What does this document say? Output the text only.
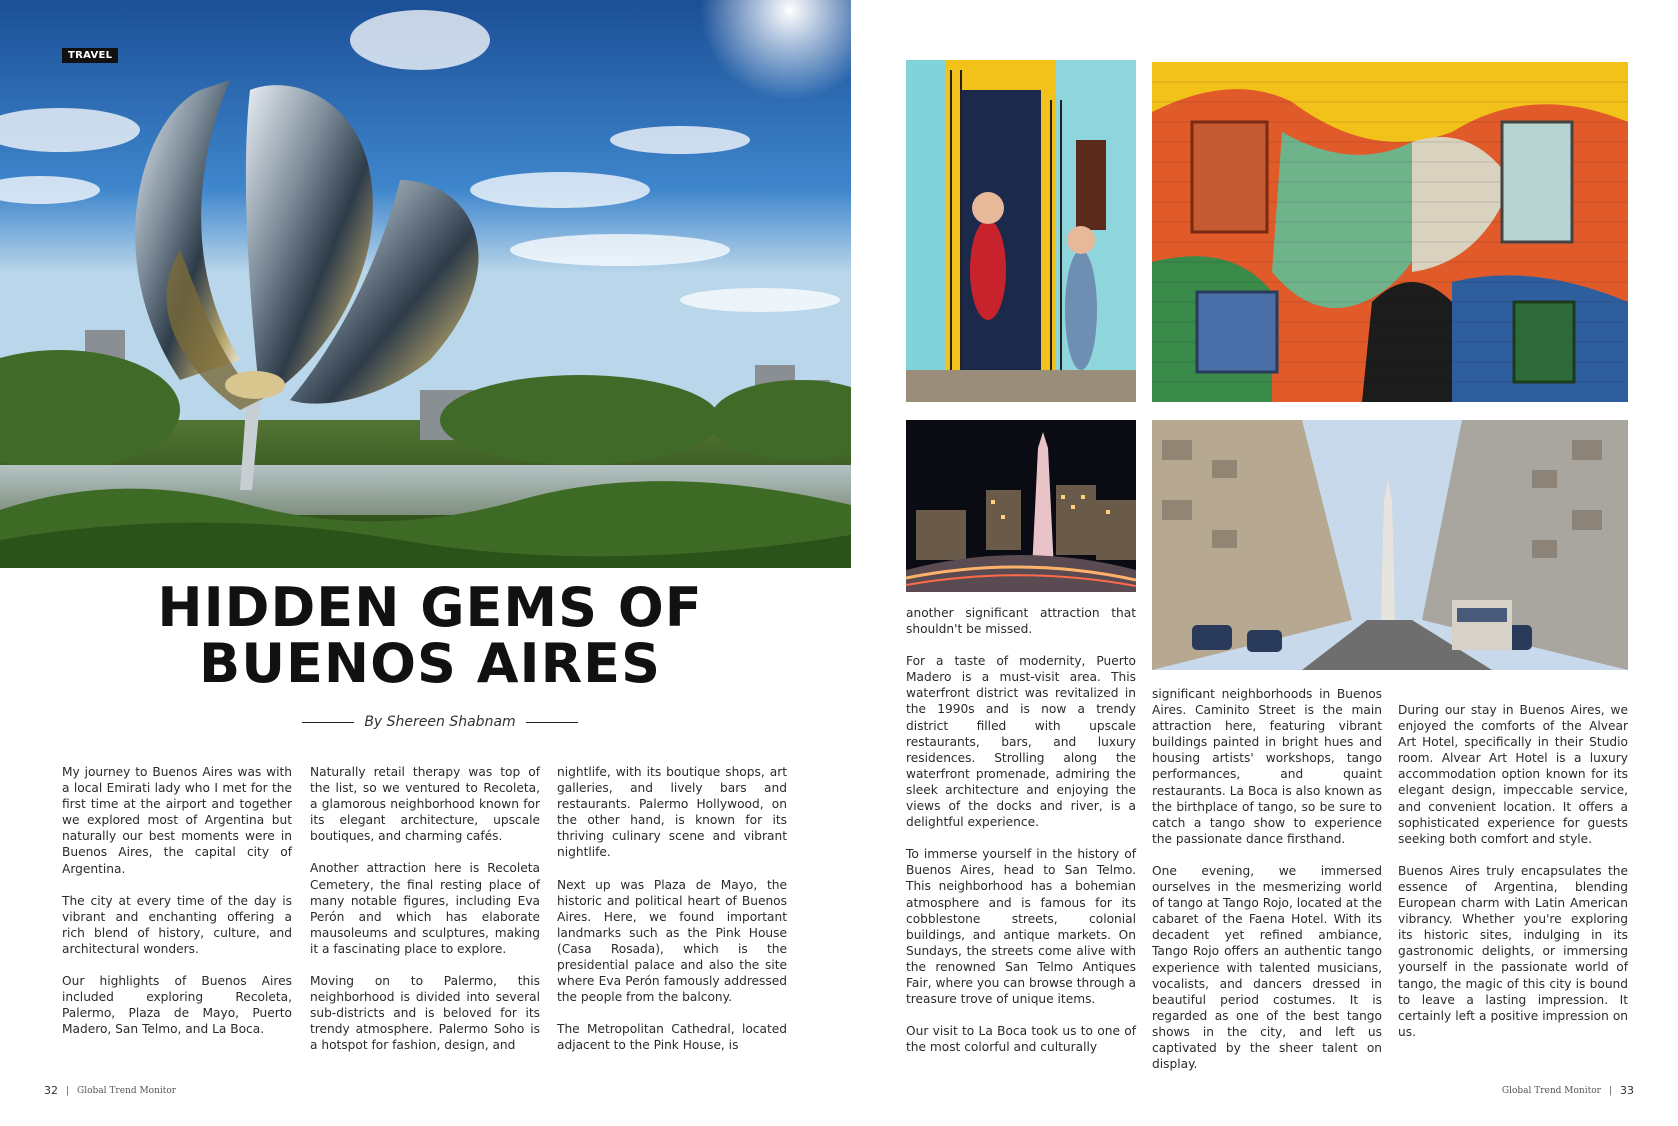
TRAVEL
HIDDEN GEMS OF
BUENOS AIRES
By Shereen Shabnam

My journey to Buenos Aires was with a local Emirati lady who I met for the first time at the airport and together we explored most of Argentina but naturally our best moments were in Buenos Aires, the capital city of Argentina.

The city at every time of the day is vibrant and enchanting offering a rich blend of history, culture, and architectural wonders.

Our highlights of Buenos Aires included exploring Recoleta, Palermo, Plaza de Mayo, Puerto Madero, San Telmo, and La Boca.

Naturally retail therapy was top of the list, so we ventured to Recoleta, a glamorous neighborhood known for its elegant architecture, upscale boutiques, and charming cafés.

Another attraction here is Recoleta Cemetery, the final resting place of many notable figures, including Eva Perón and which has elaborate mausoleums and sculptures, making it a fascinating place to explore.

Moving on to Palermo, this neighborhood is divided into several sub-districts and is beloved for its trendy atmosphere. Palermo Soho is a hotspot for fashion, design, and

nightlife, with its boutique shops, art galleries, and lively bars and restaurants. Palermo Hollywood, on the other hand, is known for its thriving culinary scene and vibrant nightlife.

Next up was Plaza de Mayo, the historic and political heart of Buenos Aires. Here, we found important landmarks such as the Pink House (Casa Rosada), which is the presidential palace and also the site where Eva Perón famously addressed the people from the balcony.

The Metropolitan Cathedral, located adjacent to the Pink House, is

32 | Global Trend Monitor

another significant attraction that shouldn't be missed.

For a taste of modernity, Puerto Madero is a must-visit area. This waterfront district was revitalized in the 1990s and is now a trendy district filled with upscale restaurants, bars, and luxury residences. Strolling along the waterfront promenade, admiring the sleek architecture and enjoying the views of the docks and river, is a delightful experience.

To immerse yourself in the history of Buenos Aires, head to San Telmo. This neighborhood has a bohemian atmosphere and is famous for its cobblestone streets, colonial buildings, and antique markets. On Sundays, the streets come alive with the renowned San Telmo Antiques Fair, where you can browse through a treasure trove of unique items.

Our visit to La Boca took us to one of the most colorful and culturally

significant neighborhoods in Buenos Aires. Caminito Street is the main attraction here, featuring vibrant buildings painted in bright hues and housing artists' workshops, tango performances, and quaint restaurants. La Boca is also known as the birthplace of tango, so be sure to catch a tango show to experience the passionate dance firsthand.

One evening, we immersed ourselves in the mesmerizing world of tango at Tango Rojo, located at the cabaret of the Faena Hotel. With its decadent yet refined ambiance, Tango Rojo offers an authentic tango experience with talented musicians, vocalists, and dancers dressed in beautiful period costumes. It is regarded as one of the best tango shows in the city, and left us captivated by the sheer talent on display.

During our stay in Buenos Aires, we enjoyed the comforts of the Alvear Art Hotel, specifically in their Studio room. Alvear Art Hotel is a luxury accommodation option known for its elegant design, impeccable service, and convenient location. It offers a sophisticated experience for guests seeking both comfort and style.

Buenos Aires truly encapsulates the essence of Argentina, blending European charm with Latin American vibrancy. Whether you're exploring its historic sites, indulging in its gastronomic delights, or immersing yourself in the passionate world of tango, the magic of this city is bound to leave a lasting impression. It certainly left a positive impression on us.

Global Trend Monitor | 33
